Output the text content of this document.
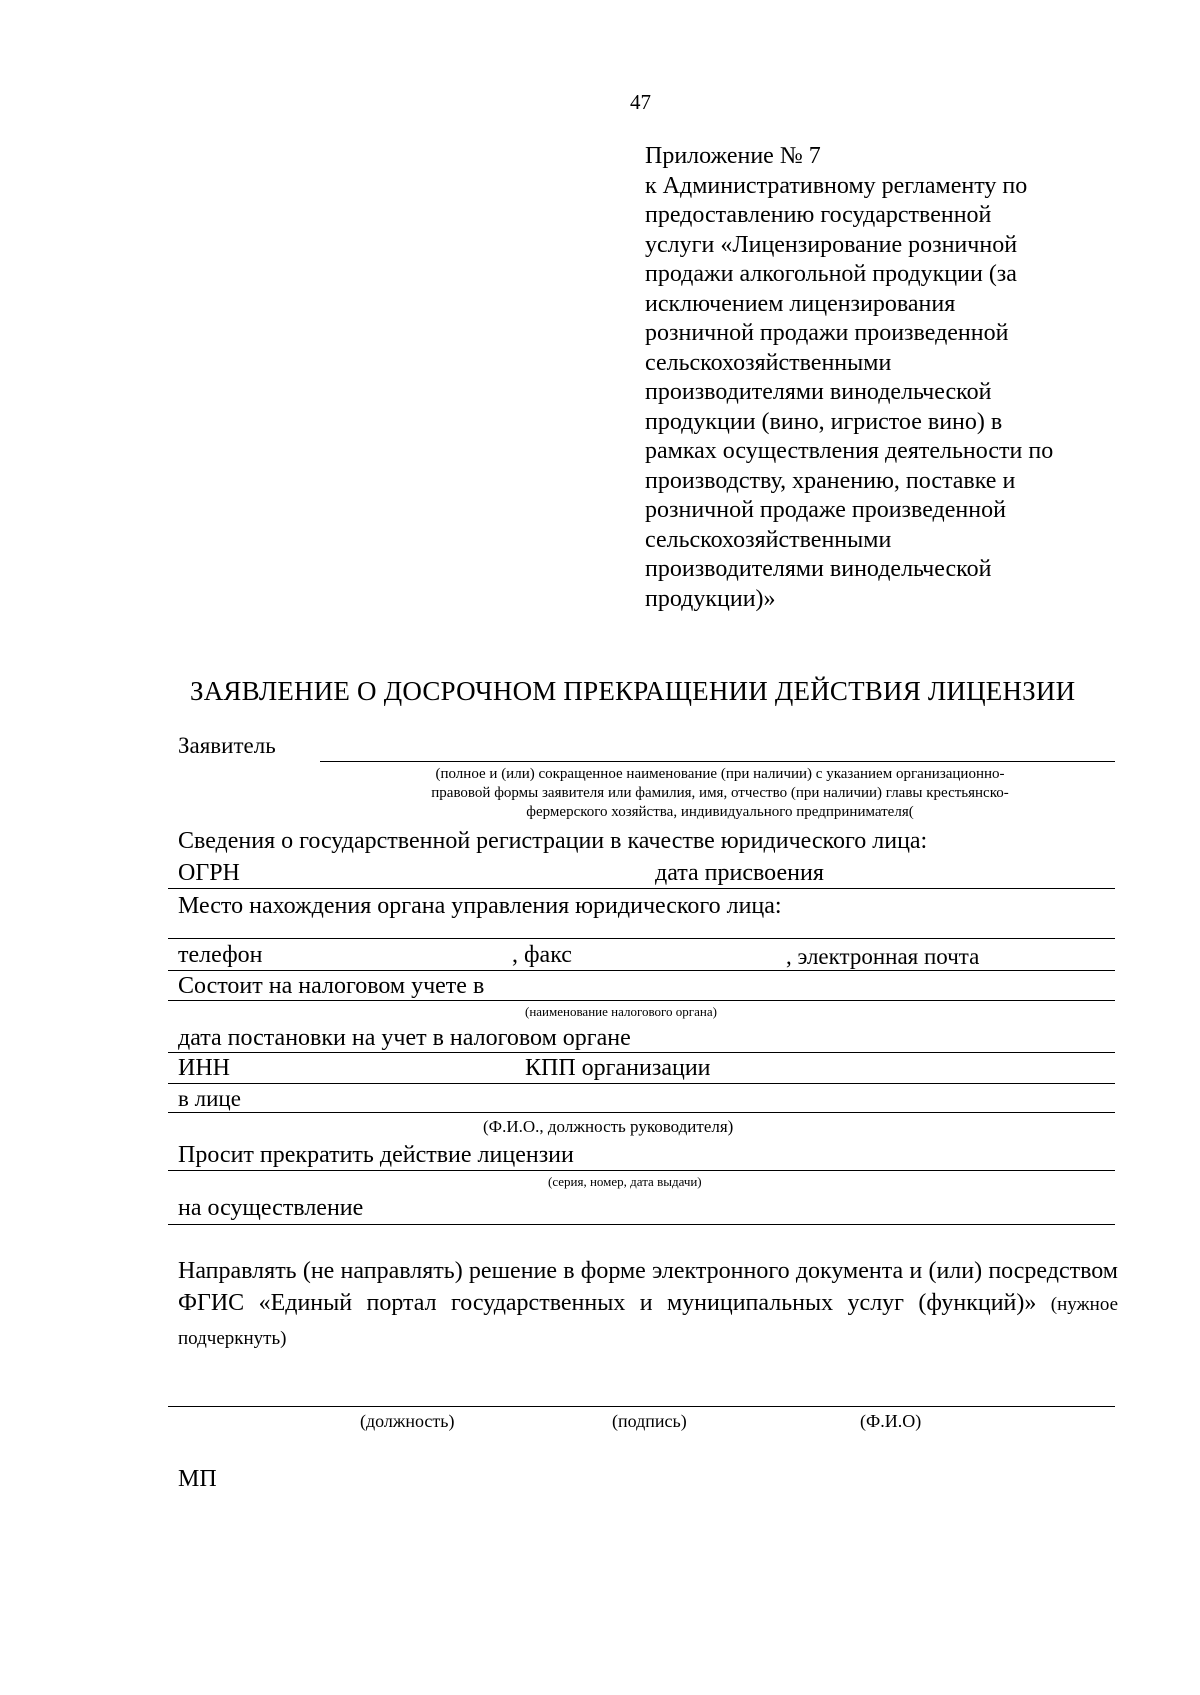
47
Приложение № 7
к Административному регламенту по
предоставлению государственной
услуги «Лицензирование розничной
продажи алкогольной продукции (за
исключением лицензирования
розничной продажи произведенной
сельскохозяйственными
производителями винодельческой
продукции (вино, игристое вино) в
рамках осуществления деятельности по
производству, хранению, поставке и
розничной продаже произведенной
сельскохозяйственными
производителями винодельческой
продукции)»
ЗАЯВЛЕНИЕ О ДОСРОЧНОМ ПРЕКРАЩЕНИИ ДЕЙСТВИЯ ЛИЦЕНЗИИ
Заявитель
(полное и (или) сокращенное наименование (при наличии) с указанием организационно-
правовой формы заявителя или фамилия, имя, отчество (при наличии) главы крестьянско-
фермерского хозяйства, индивидуального предпринимателя(
Сведения о государственной регистрации в качестве юридического лица:
ОГРН	дата присвоения
Место нахождения органа управления юридического лица:
телефон	, факс	, электронная почта
Состоит на налоговом учете в
(наименование налогового органа)
дата постановки на учет в налоговом органе
ИНН	КПП организации
в лице
(Ф.И.О., должность руководителя)
Просит прекратить действие лицензии
(серия, номер, дата выдачи)
на осуществление
Направлять (не направлять) решение в форме электронного документа и (или) посредством ФГИС «Единый портал государственных и муниципальных услуг (функций)» (нужное подчеркнуть)
(должность)	(подпись)	(Ф.И.О)
МП
